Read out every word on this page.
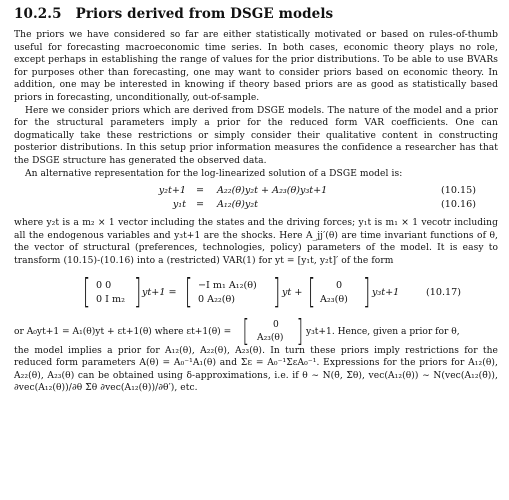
10.2.5 Priors derived from DSGE models

The priors we have considered so far are either statistically motivated or based on rules-of-thumb useful for forecasting macroeconomic time series. In both cases, economic theory plays no role, except perhaps in establishing the range of values for the prior distributions. To be able to use BVARs for purposes other than forecasting, one may want to consider priors based on economic theory. In addition, one may be interested in knowing if theory based priors are as good as statistically based priors in forecasting, unconditionally, out-of-sample.

Here we consider priors which are derived from DSGE models. The nature of the model and a prior for the structural parameters imply a prior for the reduced form VAR coefficients. One can dogmatically take these restrictions or simply consider their qualitative content in constructing posterior distributions. In this setup prior information measures the confidence a researcher has that the DSGE structure has generated the observed data.

An alternative representation for the log-linearized solution of a DSGE model is:

y₂t+1 = A₂₂(θ)y₂t + A₂₃(θ)y₃t+1	(10.15)
y₁t = A₁₂(θ)y₂t	(10.16)

where y₂t is a m₂ × 1 vector including the states and the driving forces; y₁t is m₁ × 1 vecotr including all the endogenous variables and y₃t+1 are the shocks. Here A_jj′(θ) are time invariant functions of θ, the vector of structural (preferences, technologies, policy) parameters of the model. It is easy to transform (10.15)-(10.16) into a (restricted) VAR(1) for yt = [y₁t, y₂t]′ of the form

[ 0 0
0 I m₂ ] yt+1 = [ −I m₁ A₁₂(θ)
0 A₂₂(θ) ] yt + [ 0
A₂₃(θ) ] y₃t+1	(10.17)
or A₀yt+1 = A₁(θ)yt + εt+1(θ) where εt+1(θ) = [	0
A₂₃(θ) ] y₃t+1. Hence, given a prior for θ,

the model implies a prior for A₁₂(θ), A₂₂(θ), A₂₃(θ). In turn these priors imply restrictions for the reduced form parameters A(θ) = A₀⁻¹A₁(θ) and Σε = A₀⁻¹ΣεA₀⁻¹. Expressions for the priors for A₁₂(θ), A₂₂(θ), A₂₃(θ) can be obtained using δ-approximations, i.e. if θ ∼ N(θ̄, Σ̄θ), vec(A₁₂(θ)) ∼ N(vec(A₁₂(θ̄)), ∂vec(A₁₂(θ))/∂θ Σ̄θ ∂vec(A₁₂(θ))/∂θ′), etc.
